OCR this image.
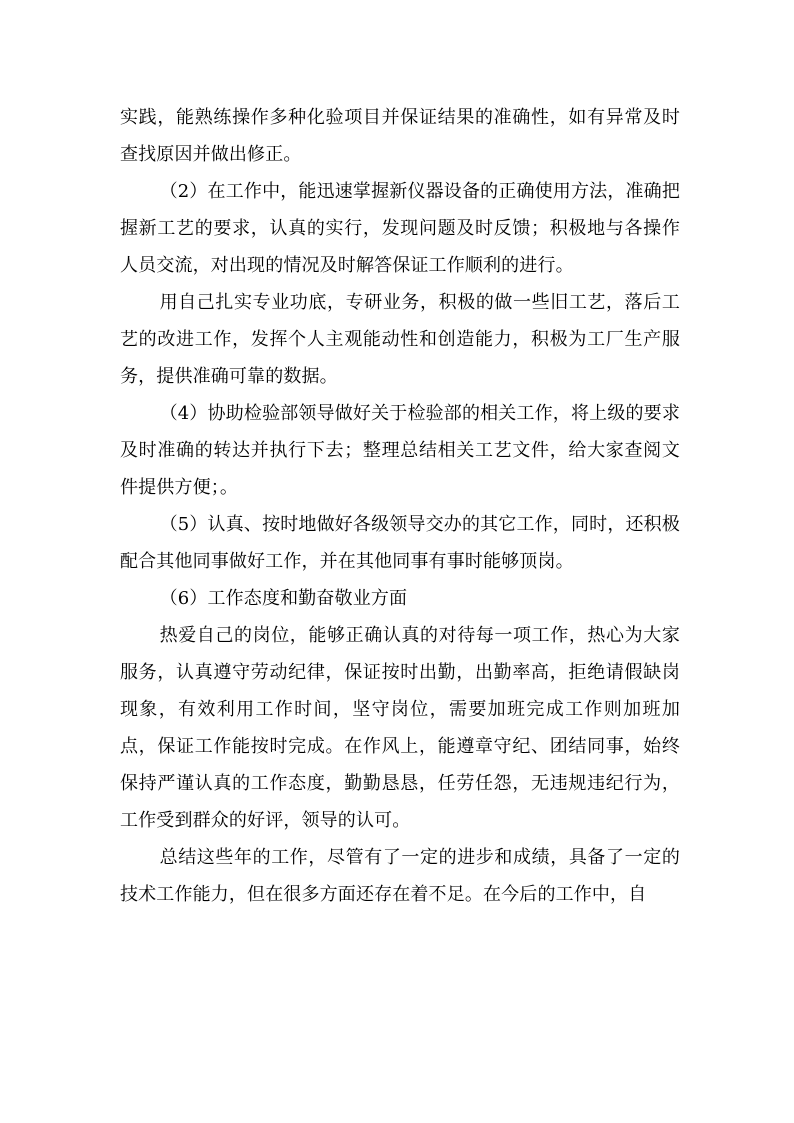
实践，能熟练操作多种化验项目并保证结果的准确性，如有异常及时查找原因并做出修正。

（2）在工作中，能迅速掌握新仪器设备的正确使用方法，准确把握新工艺的要求，认真的实行，发现问题及时反馈；积极地与各操作人员交流，对出现的情况及时解答保证工作顺利的进行。

用自己扎实专业功底，专研业务，积极的做一些旧工艺，落后工艺的改进工作，发挥个人主观能动性和创造能力，积极为工厂生产服务，提供准确可靠的数据。

（4）协助检验部领导做好关于检验部的相关工作，将上级的要求及时准确的转达并执行下去；整理总结相关工艺文件，给大家查阅文件提供方便；。

（5）认真、按时地做好各级领导交办的其它工作，同时，还积极配合其他同事做好工作，并在其他同事有事时能够顶岗。

（6）工作态度和勤奋敬业方面

热爱自己的岗位，能够正确认真的对待每一项工作，热心为大家服务，认真遵守劳动纪律，保证按时出勤，出勤率高，拒绝请假缺岗现象，有效利用工作时间，坚守岗位，需要加班完成工作则加班加点，保证工作能按时完成。在作风上，能遵章守纪、团结同事，始终保持严谨认真的工作态度，勤勤恳恳，任劳任怨，无违规违纪行为，工作受到群众的好评，领导的认可。

总结这些年的工作，尽管有了一定的进步和成绩，具备了一定的技术工作能力，但在很多方面还存在着不足。在今后的工作中，自
